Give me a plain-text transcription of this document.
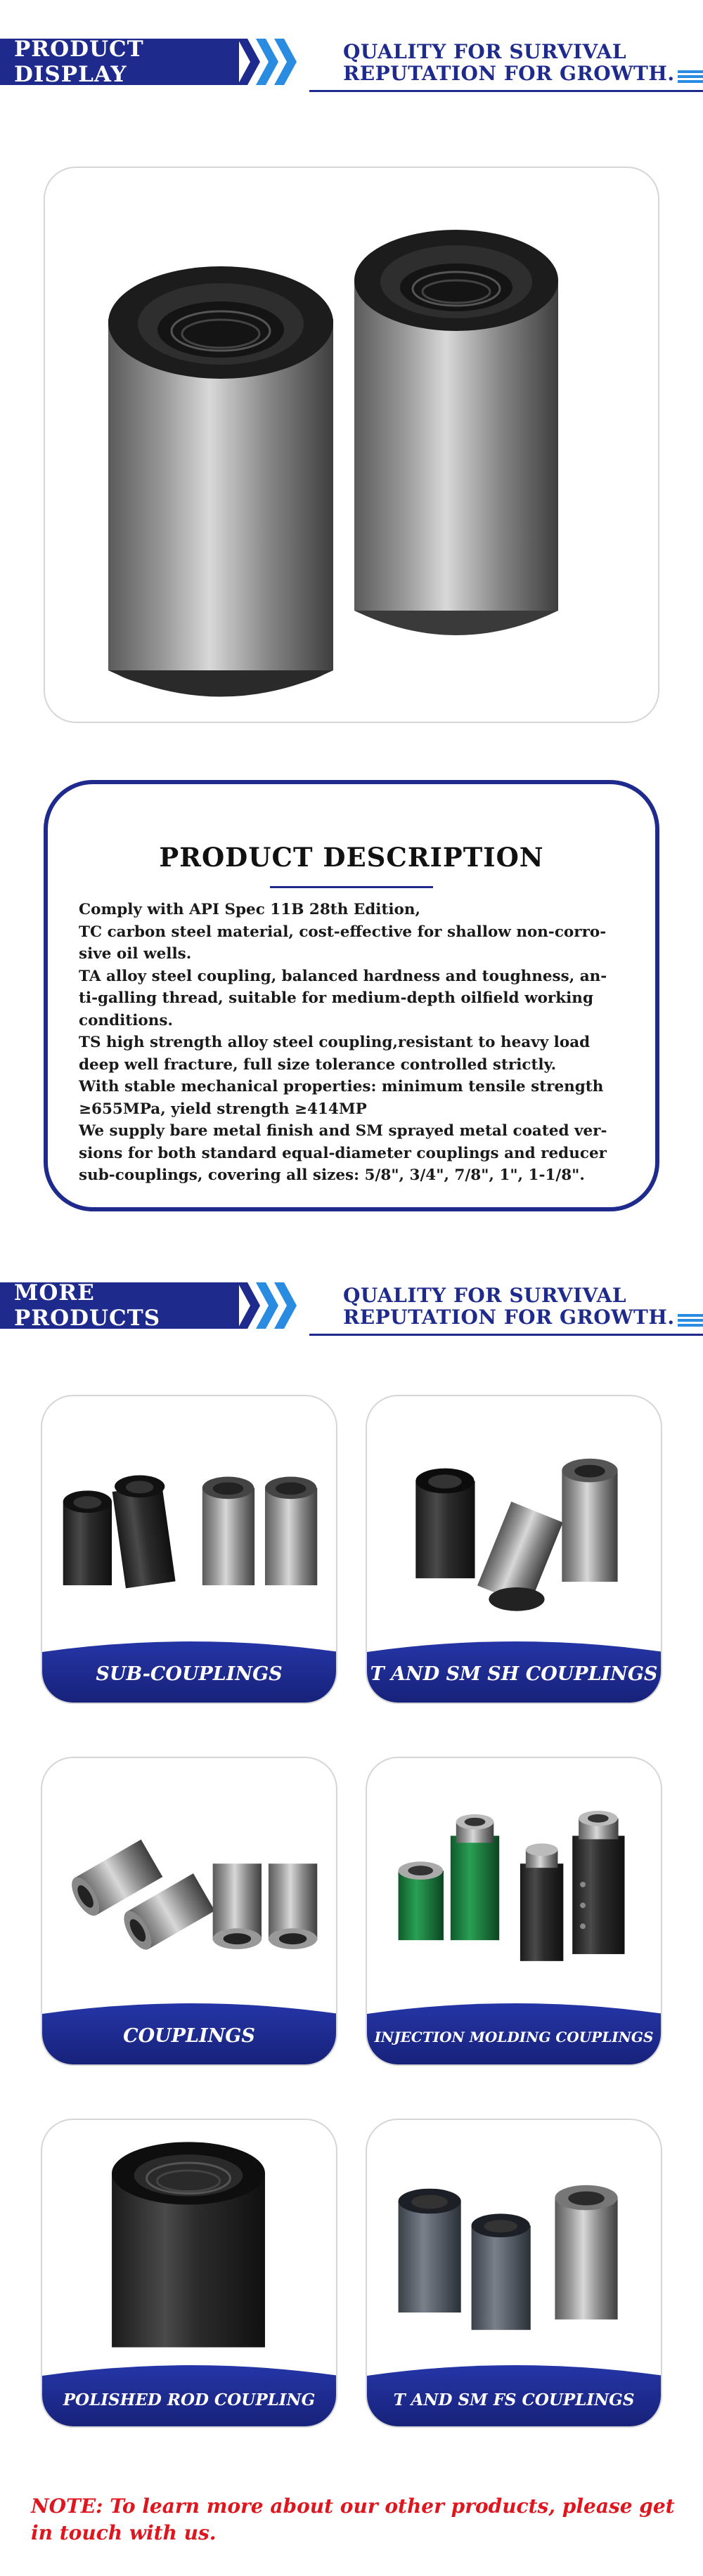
PRODUCT DISPLAY
QUALITY FOR SURVIVAL
REPUTATION FOR GROWTH.
PRODUCT DESCRIPTION

Comply with API Spec 11B 28th Edition,

TC carbon steel material, cost-effective for shallow non-corro-
sive oil wells.

TA alloy steel coupling, balanced hardness and toughness, an-
ti-galling thread, suitable for medium-depth oilfield working
conditions.

TS high strength alloy steel coupling,resistant to heavy load
deep well fracture, full size tolerance controlled strictly.

With stable mechanical properties: minimum tensile strength
≥655MPa, yield strength ≥414MP

We supply bare metal finish and SM sprayed metal coated ver-
sions for both standard equal-diameter couplings and reducer
sub-couplings, covering all sizes: 5/8", 3/4", 7/8", 1", 1-1/8".

MORE PRODUCTS
QUALITY FOR SURVIVAL
REPUTATION FOR GROWTH.
SUB-COUPLINGS	T AND SM SH COUPLINGS
COUPLINGS	INJECTION MOLDING COUPLINGS
POLISHED ROD COUPLING	T AND SM FS COUPLINGS
NOTE: To learn more about our other products, please get in touch with us.
